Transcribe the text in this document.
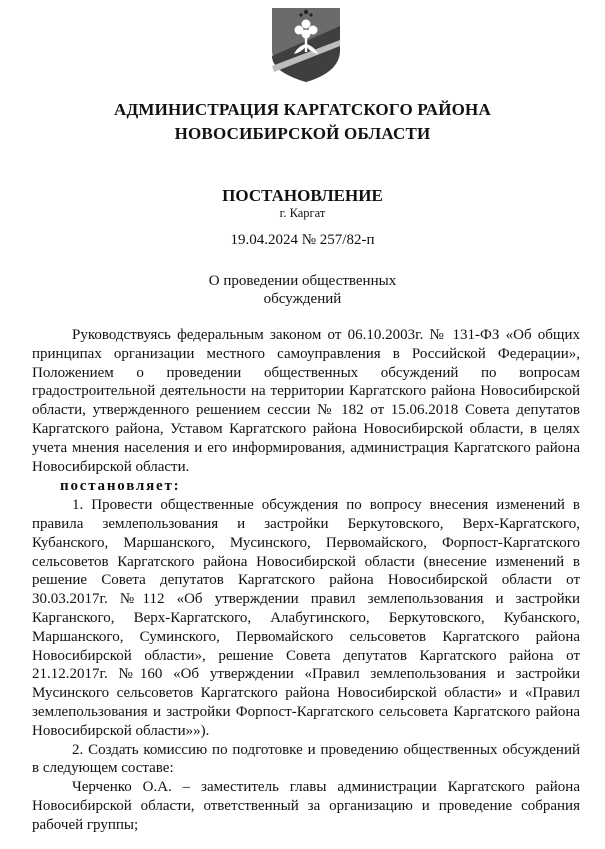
АДМИНИСТРАЦИЯ КАРГАТСКОГО РАЙОНА
НОВОСИБИРСКОЙ ОБЛАСТИ
ПОСТАНОВЛЕНИЕ
г. Каргат
19.04.2024 № 257/82-п
О проведении общественных
обсуждений

Руководствуясь федеральным законом от 06.10.2003г. № 131-ФЗ «Об общих принципах организации местного самоуправления в Российской Федерации», Положением о проведении общественных обсуждений по вопросам градостроительной деятельности на территории Каргатского района Новосибирской области, утвержденного решением сессии № 182 от 15.06.2018 Совета депутатов Каргатского района, Уставом Каргатского района Новосибирской области, в целях учета мнения населения и его информирования, администрация Каргатского района Новосибирской области.

постановляет:

1. Провести общественные обсуждения по вопросу внесения изменений в правила землепользования и застройки Беркутовского, Верх-Каргатского, Кубанского, Маршанского, Мусинского, Первомайского, Форпост-Каргатского сельсоветов Каргатского района Новосибирской области (внесение изменений в решение Совета депутатов Каргатского района Новосибирской области от 30.03.2017г. №112 «Об утверждении правил землепользования и застройки Карганского, Верх-Каргатского, Алабугинского, Беркутовского, Кубанского, Маршанского, Суминского, Первомайского сельсоветов Каргатского района Новосибирской области», решение Совета депутатов Каргатского района от 21.12.2017г. №160 «Об утверждении «Правил землепользования и застройки Мусинского сельсоветов Каргатского района Новосибирской области» и «Правил землепользования и застройки Форпост-Каргатского сельсовета Каргатского района Новосибирской области»»).

2. Создать комиссию по подготовке и проведению общественных обсуждений в следующем составе:

Черченко О.А. – заместитель главы администрации Каргатского района Новосибирской области, ответственный за организацию и проведение собрания рабочей группы;
